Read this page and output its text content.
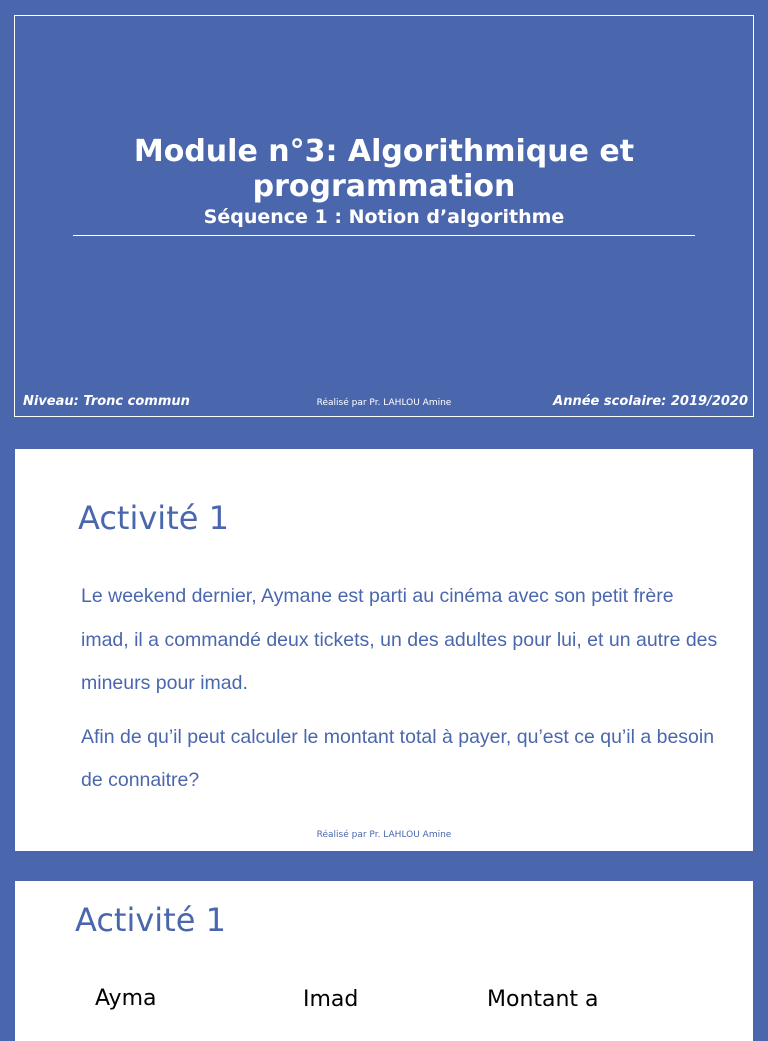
Module n°3: Algorithmique et programmation
Séquence 1 : Notion d’algorithme
Niveau: Tronc commun	Réalisé par Pr. LAHLOU Amine	Année scolaire: 2019/2020
Activité 1

Le weekend dernier, Aymane est parti au cinéma avec son petit frère imad, il a commandé deux tickets, un des adultes pour lui, et un autre des mineurs pour imad.

Afin de qu’il peut calculer le montant total à payer, qu’est ce qu’il a besoin de connaitre?

Réalisé par Pr. LAHLOU Amine
Activité 1
Ayma	Imad	Montant a
